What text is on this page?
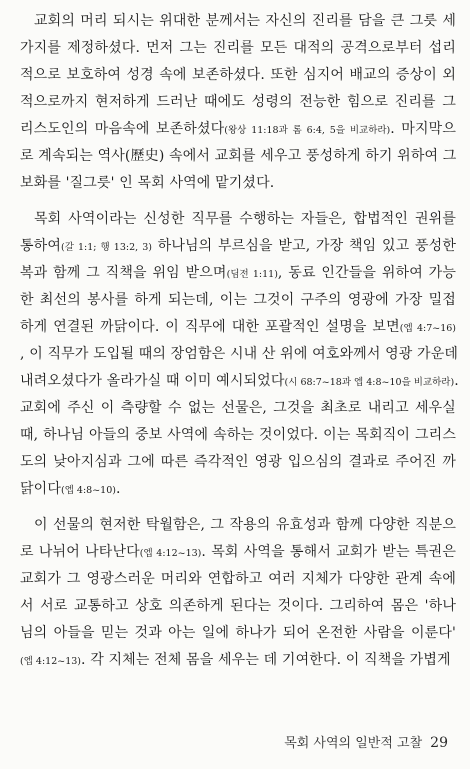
교회의 머리 되시는 위대한 분께서는 자신의 진리를 담을 큰 그릇 세
가지를 제정하셨다. 먼저 그는 진리를 모든 대적의 공격으로부터 섭리
적으로 보호하여 성경 속에 보존하셨다. 또한 심지어 배교의 증상이 외
적으로까지 현저하게 드러난 때에도 성령의 전능한 힘으로 진리를 그
리스도인의 마음속에 보존하셨다(왕상 11:18과 롬 6:4, 5을 비교하라). 마지막으
로 계속되는 역사(歷史) 속에서 교회를 세우고 풍성하게 하기 위하여 그
보화를 '질그릇' 인 목회 사역에 맡기셨다.
목회 사역이라는 신성한 직무를 수행하는 자들은, 합법적인 권위를
통하여(갈 1:1; 행 13:2, 3) 하나님의 부르심을 받고, 가장 책임 있고 풍성한
복과 함께 그 직책을 위임 받으며(딤전 1:11), 동료 인간들을 위하여 가능
한 최선의 봉사를 하게 되는데, 이는 그것이 구주의 영광에 가장 밀접
하게 연결된 까닭이다. 이 직무에 대한 포괄적인 설명을 보면(엡 4:7~16)
, 이 직무가 도입될 때의 장엄함은 시내 산 위에 여호와께서 영광 가운데
내려오셨다가 올라가실 때 이미 예시되었다(시 68:7~18과 엡 4:8~10을 비교하라).
교회에 주신 이 측량할 수 없는 선물은, 그것을 최초로 내리고 세우실
때, 하나님 아들의 중보 사역에 속하는 것이었다. 이는 목회직이 그리스
도의 낮아지심과 그에 따른 즉각적인 영광 입으심의 결과로 주어진 까
닭이다(엡 4:8~10).
이 선물의 현저한 탁월함은, 그 작용의 유효성과 함께 다양한 직분으
로 나뉘어 나타난다(엡 4:12~13). 목회 사역을 통해서 교회가 받는 특권은
교회가 그 영광스러운 머리와 연합하고 여러 지체가 다양한 관계 속에
서 서로 교통하고 상호 의존하게 된다는 것이다. 그리하여 몸은 '하나
님의 아들을 믿는 것과 아는 일에 하나가 되어 온전한 사람을 이룬다'
(엡 4:12~13). 각 지체는 전체 몸을 세우는 데 기여한다. 이 직책을 가볍게
목회 사역의 일반적 고찰 29
